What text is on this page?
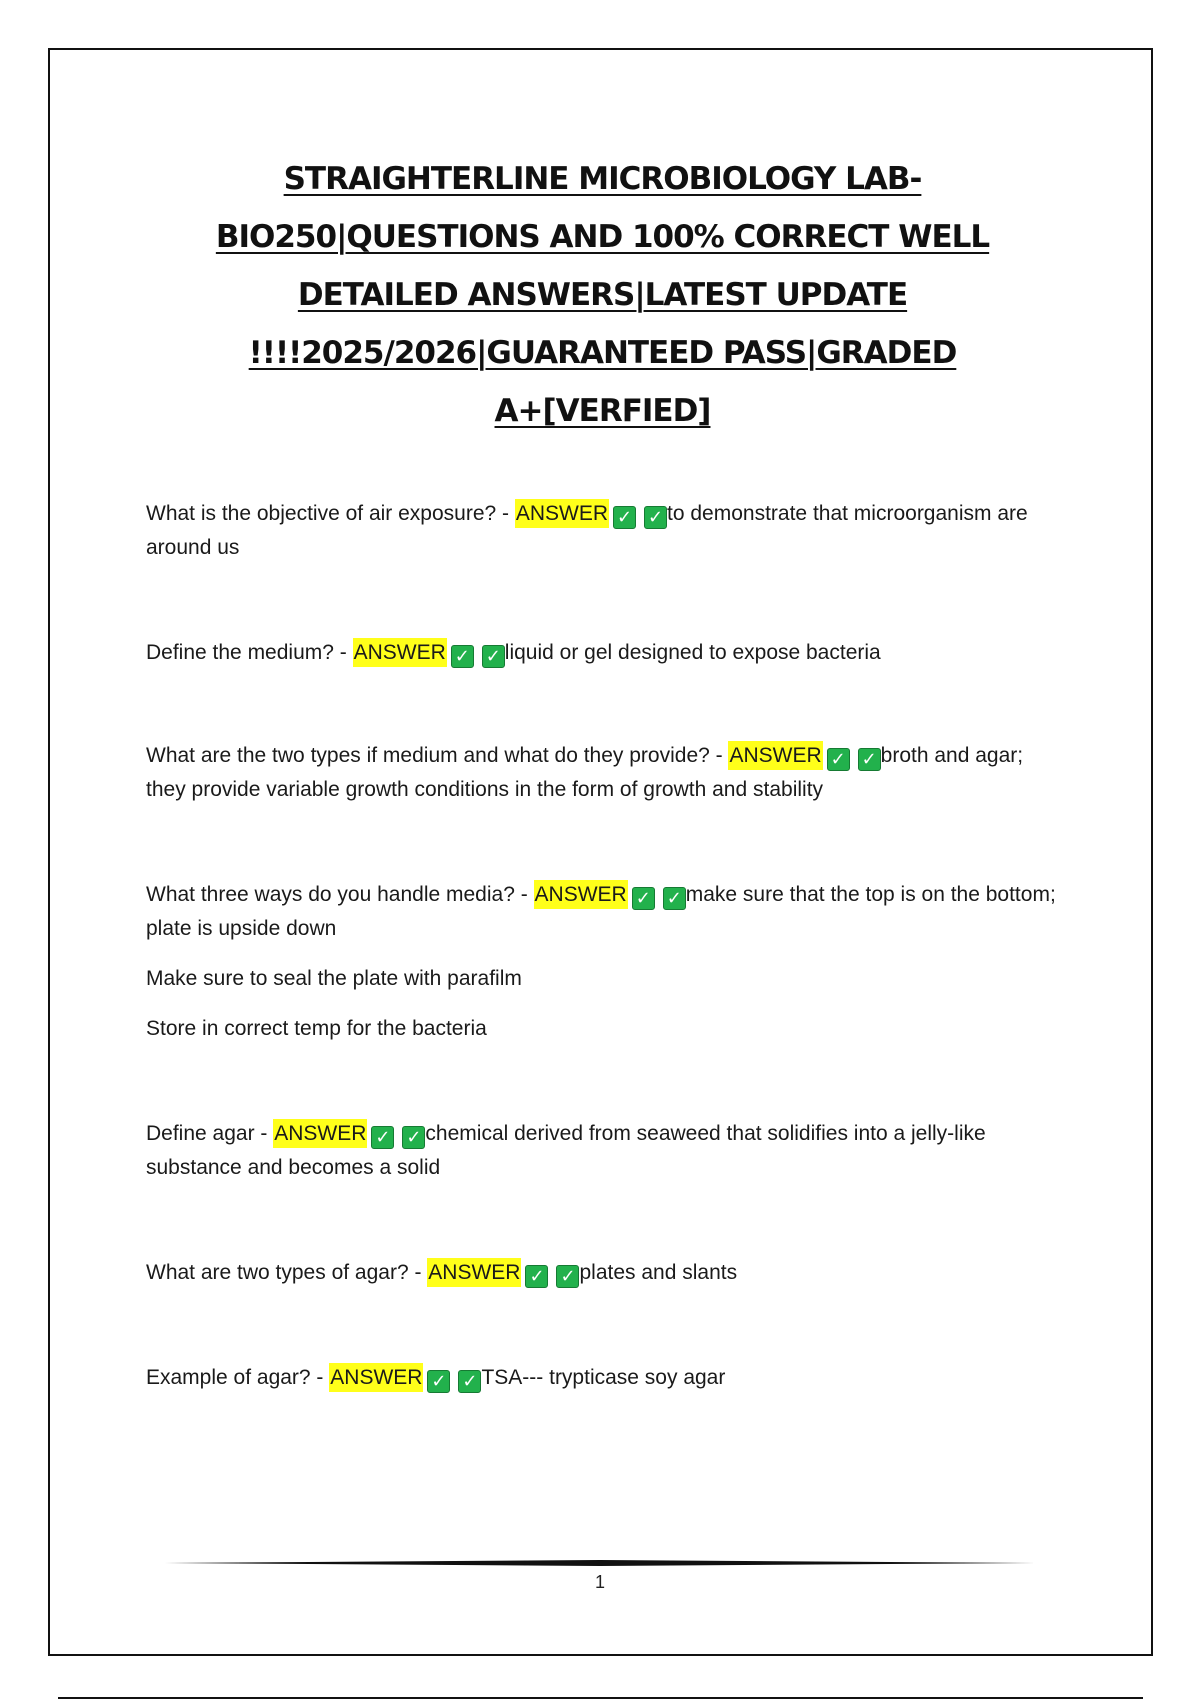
STRAIGHTERLINE MICROBIOLOGY LAB-
BIO250|QUESTIONS AND 100% CORRECT WELL
DETAILED ANSWERS|LATEST UPDATE
!!!!2025/2026|GUARANTEED PASS|GRADED
A+[VERFIED]

What is the objective of air exposure? - ANSWER ✓ ✓ to demonstrate that microorganism are around us

Define the medium? - ANSWER ✓ ✓ liquid or gel designed to expose bacteria

What are the two types if medium and what do they provide? - ANSWER ✓ ✓ broth and agar; they provide variable growth conditions in the form of growth and stability

What three ways do you handle media? - ANSWER ✓ ✓ make sure that the top is on the bottom; plate is upside down

Make sure to seal the plate with parafilm

Store in correct temp for the bacteria

Define agar - ANSWER ✓ ✓ chemical derived from seaweed that solidifies into a jelly-like substance and becomes a solid

What are two types of agar? - ANSWER ✓ ✓ plates and slants

Example of agar? - ANSWER ✓ ✓ TSA--- trypticase soy agar

1
